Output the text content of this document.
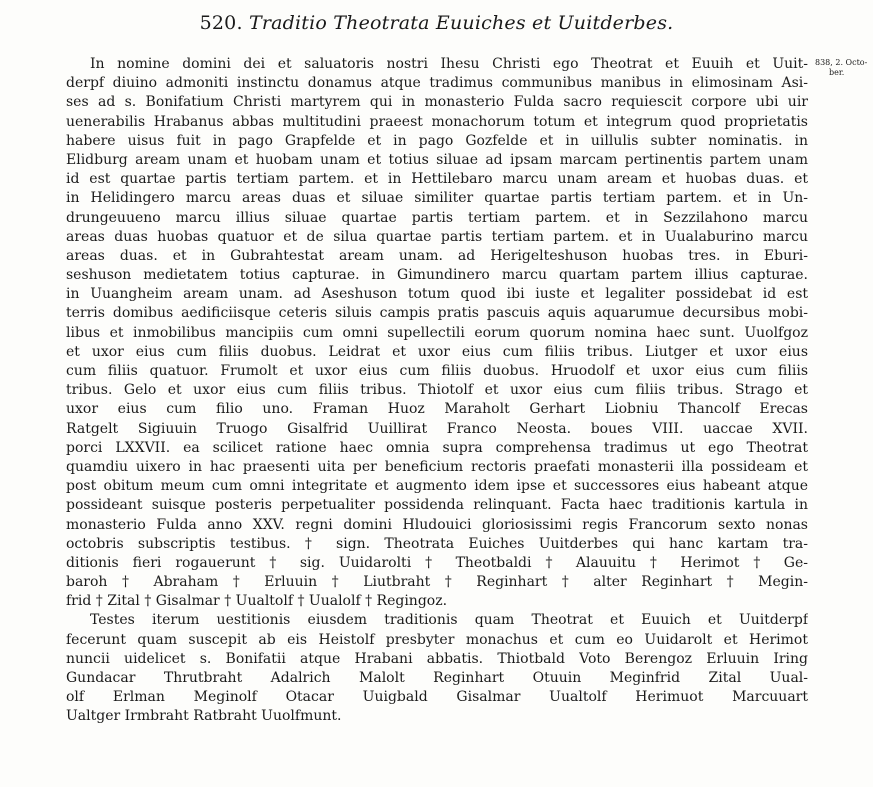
520. Traditio Theotrata Euuiches et Uuitderbes.
838, 2. Octo-
ber.
In nomine domini dei et saluatoris nostri Ihesu Christi ego Theotrat et Euuih et Uuit-
derpf diuino admoniti instinctu donamus atque tradimus communibus manibus in elimosinam Asi-
ses ad s. Bonifatium Christi martyrem qui in monasterio Fulda sacro requiescit corpore ubi uir
uenerabilis Hrabanus abbas multitudini praeest monachorum totum et integrum quod proprietatis
habere uisus fuit in pago Grapfelde et in pago Gozfelde et in uillulis subter nominatis. in
Elidburg aream unam et huobam unam et totius siluae ad ipsam marcam pertinentis partem unam
id est quartae partis tertiam partem. et in Hettilebaro marcu unam aream et huobas duas. et
in Helidingero marcu areas duas et siluae similiter quartae partis tertiam partem. et in Un-
drungeuueno marcu illius siluae quartae partis tertiam partem. et in Sezzilahono marcu
areas duas huobas quatuor et de silua quartae partis tertiam partem. et in Uualaburino marcu
areas duas. et in Gubrahtestat aream unam. ad Herigelteshuson huobas tres. in Eburi-
seshuson medietatem totius capturae. in Gimundinero marcu quartam partem illius capturae.
in Uuangheim aream unam. ad Aseshuson totum quod ibi iuste et legaliter possidebat id est
terris domibus aedificiisque ceteris siluis campis pratis pascuis aquis aquarumue decursibus mobi-
libus et inmobilibus mancipiis cum omni supellectili eorum quorum nomina haec sunt. Uuolfgoz
et uxor eius cum filiis duobus. Leidrat et uxor eius cum filiis tribus. Liutger et uxor eius
cum filiis quatuor. Frumolt et uxor eius cum filiis duobus. Hruodolf et uxor eius cum filiis
tribus. Gelo et uxor eius cum filiis tribus. Thiotolf et uxor eius cum filiis tribus. Strago et
uxor eius cum filio uno. Framan Huoz Maraholt Gerhart Liobniu Thancolf Erecas
Ratgelt Sigiuuin Truogo Gisalfrid Uuillirat Franco Neosta. boues VIII. uaccae XVII.
porci LXXVII. ea scilicet ratione haec omnia supra comprehensa tradimus ut ego Theotrat
quamdiu uixero in hac praesenti uita per beneficium rectoris praefati monasterii illa possideam et
post obitum meum cum omni integritate et augmento idem ipse et successores eius habeant atque
possideant suisque posteris perpetualiter possidenda relinquant. Facta haec traditionis kartula in
monasterio Fulda anno XXV. regni domini Hludouici gloriosissimi regis Francorum sexto nonas
octobris subscriptis testibus. † sign. Theotrata Euiches Uuitderbes qui hanc kartam tra-
ditionis fieri rogauerunt † sig. Uuidarolti † Theotbaldi † Alauuitu † Herimot † Ge-
baroh † Abraham † Erluuin † Liutbraht † Reginhart † alter Reginhart † Megin-
frid † Zital † Gisalmar † Uualtolf † Uualolf † Regingoz.
Testes iterum uestitionis eiusdem traditionis quam Theotrat et Euuich et Uuitderpf
fecerunt quam suscepit ab eis Heistolf presbyter monachus et cum eo Uuidarolt et Herimot
nuncii uidelicet s. Bonifatii atque Hrabani abbatis. Thiotbald Voto Berengoz Erluuin Iring
Gundacar Thrutbraht Adalrich Malolt Reginhart Otuuin Meginfrid Zital Uual-
olf Erlman Meginolf Otacar Uuigbald Gisalmar Uualtolf Herimuot Marcuuart
Ualtger Irmbraht Ratbraht Uuolfmunt.
